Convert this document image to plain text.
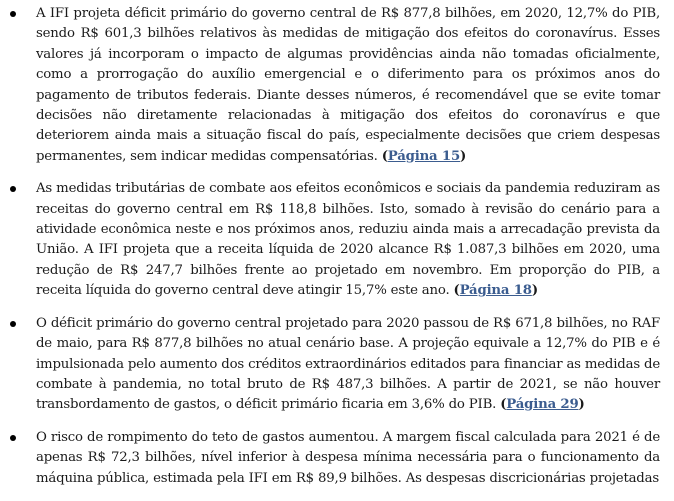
A IFI projeta déficit primário do governo central de R$ 877,8 bilhões, em 2020, 12,7% do PIB, sendo R$ 601,3 bilhões relativos às medidas de mitigação dos efeitos do coronavírus. Esses valores já incorporam o impacto de algumas providências ainda não tomadas oficialmente, como a prorrogação do auxílio emergencial e o diferimento para os próximos anos do pagamento de tributos federais. Diante desses números, é recomendável que se evite tomar decisões não diretamente relacionadas à mitigação dos efeitos do coronavírus e que deteriorem ainda mais a situação fiscal do país, especialmente decisões que criem despesas permanentes, sem indicar medidas compensatórias. (Página 15)
As medidas tributárias de combate aos efeitos econômicos e sociais da pandemia reduziram as receitas do governo central em R$ 118,8 bilhões. Isto, somado à revisão do cenário para a atividade econômica neste e nos próximos anos, reduziu ainda mais a arrecadação prevista da União. A IFI projeta que a receita líquida de 2020 alcance R$ 1.087,3 bilhões em 2020, uma redução de R$ 247,7 bilhões frente ao projetado em novembro. Em proporção do PIB, a receita líquida do governo central deve atingir 15,7% este ano. (Página 18)
O déficit primário do governo central projetado para 2020 passou de R$ 671,8 bilhões, no RAF de maio, para R$ 877,8 bilhões no atual cenário base. A projeção equivale a 12,7% do PIB e é impulsionada pelo aumento dos créditos extraordinários editados para financiar as medidas de combate à pandemia, no total bruto de R$ 487,3 bilhões. A partir de 2021, se não houver transbordamento de gastos, o déficit primário ficaria em 3,6% do PIB. (Página 29)
O risco de rompimento do teto de gastos aumentou. A margem fiscal calculada para 2021 é de apenas R$ 72,3 bilhões, nível inferior à despesa mínima necessária para o funcionamento da máquina pública, estimada pela IFI em R$ 89,9 bilhões. As despesas discricionárias projetadas
